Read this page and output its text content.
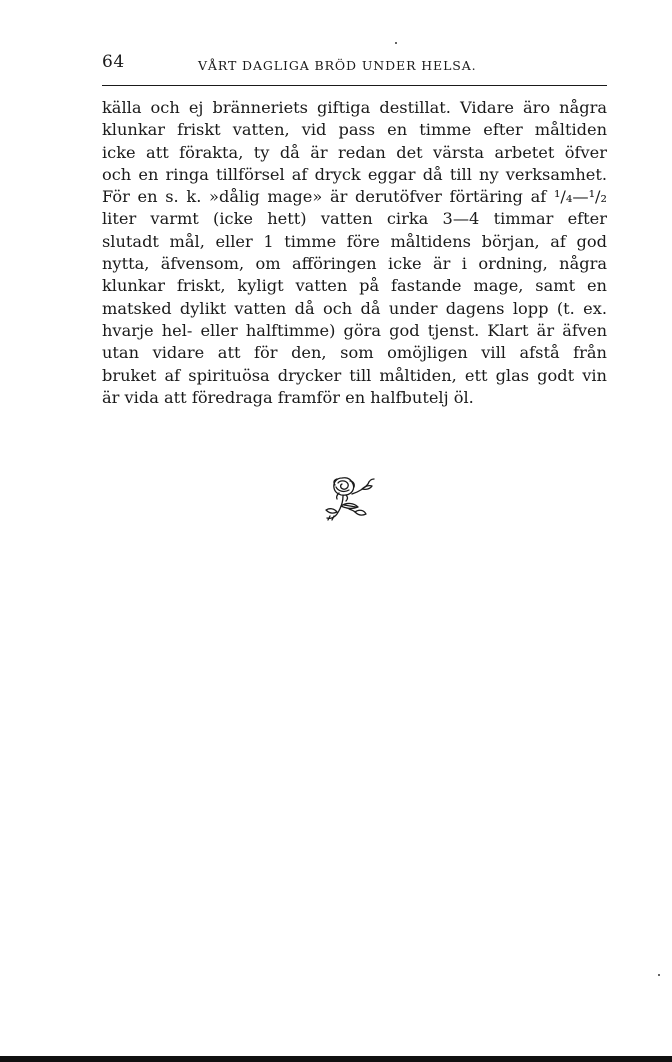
64	VÅRT DAGLIGA BRÖD UNDER HELSA.
källa och ej bränneriets giftiga destillat. Vidare äro några
klunkar friskt vatten, vid pass en timme efter måltiden
icke att förakta, ty då är redan det värsta arbetet öfver
och en ringa tillförsel af dryck eggar då till ny verksamhet.
För en s. k. »dålig mage» är derutöfver förtäring af ¹/₄—¹/₂
liter varmt (icke hett) vatten cirka 3—4 timmar efter
slutadt mål, eller 1 timme före måltidens början, af god
nytta, äfvensom, om afföringen icke är i ordning, några
klunkar friskt, kyligt vatten på fastande mage, samt en
matsked dylikt vatten då och då under dagens lopp (t. ex.
hvarje hel- eller halftimme) göra god tjenst. Klart är äfven
utan vidare att för den, som omöjligen vill afstå från
bruket af spirituösa drycker till måltiden, ett glas godt vin
är vida att föredraga framför en halfbutelj öl.
